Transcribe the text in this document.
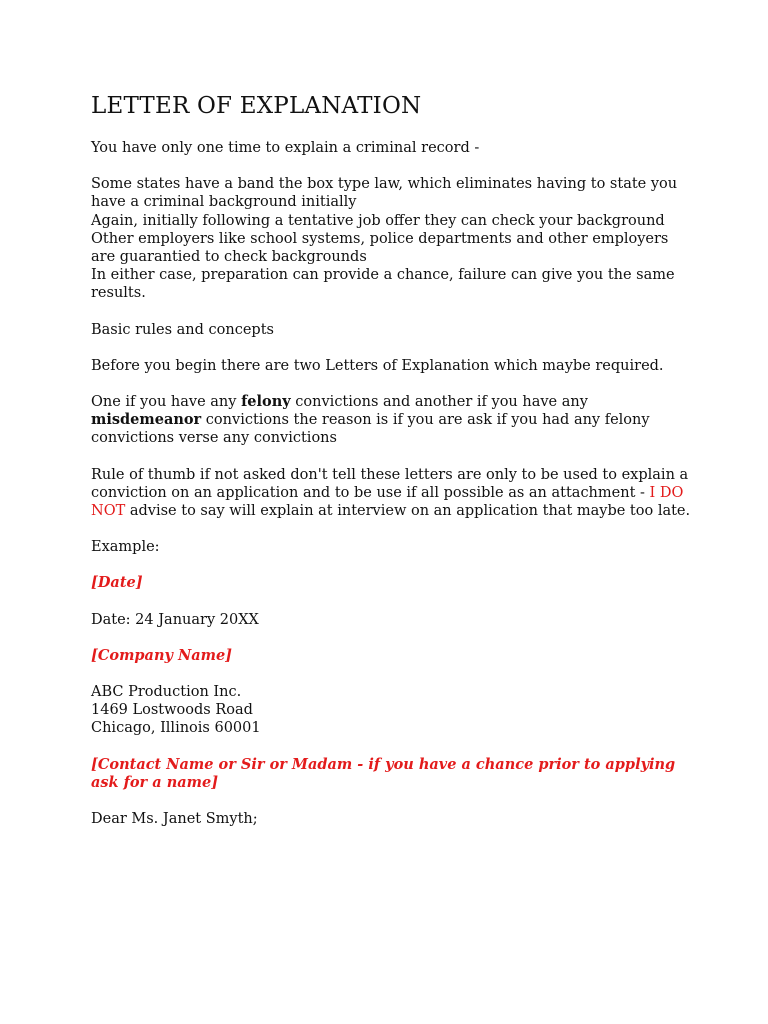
LETTER OF EXPLANATION

You have only one time to explain a criminal record -

Some states have a band the box type law, which eliminates having to state you have a criminal background initially
Again, initially following a tentative job offer they can check your background
Other employers like school systems, police departments and other employers are guarantied to check backgrounds
In either case, preparation can provide a chance, failure can give you the same results.

Basic rules and concepts

Before you begin there are two Letters of Explanation which maybe required.

One if you have any felony convictions and another if you have any misdemeanor convictions the reason is if you are ask if you had any felony convictions verse any convictions

Rule of thumb if not asked don't tell these letters are only to be used to explain a conviction on an application and to be use if all possible as an attachment - I DO NOT advise to say will explain at interview on an application that maybe too late.

Example:

[Date]

Date: 24 January 20XX

[Company Name]

ABC Production Inc.
1469 Lostwoods Road
Chicago, Illinois 60001

[Contact Name or Sir or Madam - if you have a chance prior to applying ask for a name]

Dear Ms. Janet Smyth;
